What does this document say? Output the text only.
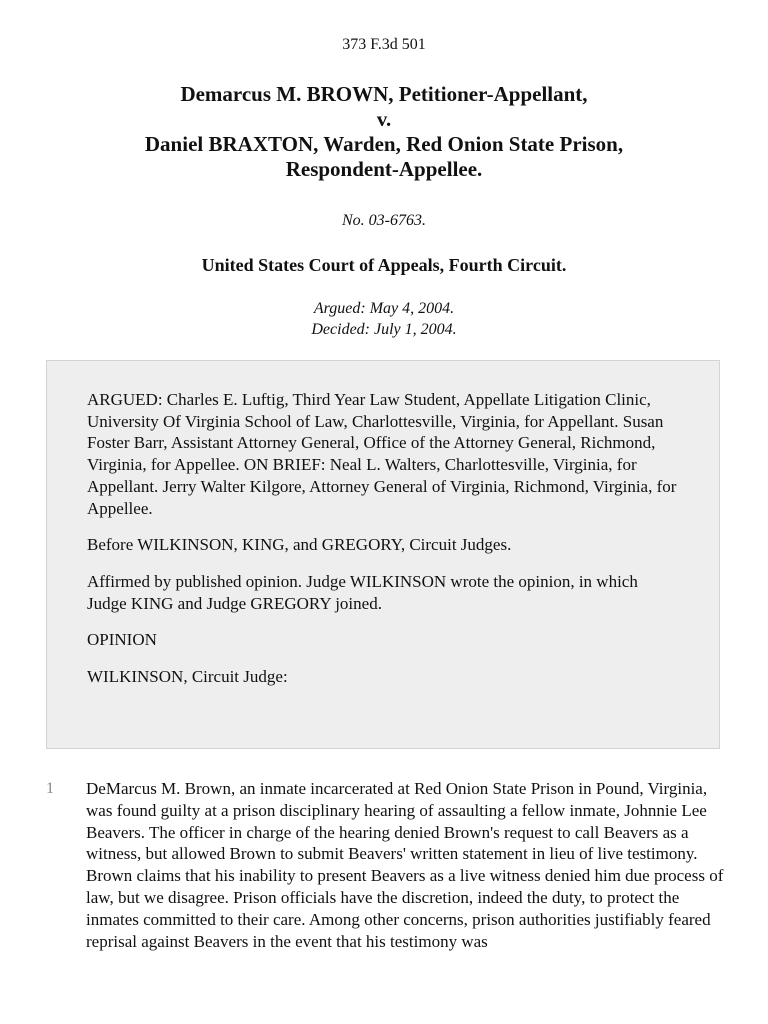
373 F.3d 501
Demarcus M. BROWN, Petitioner-Appellant,
v.
Daniel BRAXTON, Warden, Red Onion State Prison,
Respondent-Appellee.
No. 03-6763.
United States Court of Appeals, Fourth Circuit.
Argued: May 4, 2004.
Decided: July 1, 2004.

ARGUED: Charles E. Luftig, Third Year Law Student, Appellate Litigation Clinic, University Of Virginia School of Law, Charlottesville, Virginia, for Appellant. Susan Foster Barr, Assistant Attorney General, Office of the Attorney General, Richmond, Virginia, for Appellee. ON BRIEF: Neal L. Walters, Charlottesville, Virginia, for Appellant. Jerry Walter Kilgore, Attorney General of Virginia, Richmond, Virginia, for Appellee.

Before WILKINSON, KING, and GREGORY, Circuit Judges.

Affirmed by published opinion. Judge WILKINSON wrote the opinion, in which Judge KING and Judge GREGORY joined.

OPINION

WILKINSON, Circuit Judge:

1 DeMarcus M. Brown, an inmate incarcerated at Red Onion State Prison in Pound, Virginia, was found guilty at a prison disciplinary hearing of assaulting a fellow inmate, Johnnie Lee Beavers. The officer in charge of the hearing denied Brown's request to call Beavers as a witness, but allowed Brown to submit Beavers' written statement in lieu of live testimony. Brown claims that his inability to present Beavers as a live witness denied him due process of law, but we disagree. Prison officials have the discretion, indeed the duty, to protect the inmates committed to their care. Among other concerns, prison authorities justifiably feared reprisal against Beavers in the event that his testimony was
